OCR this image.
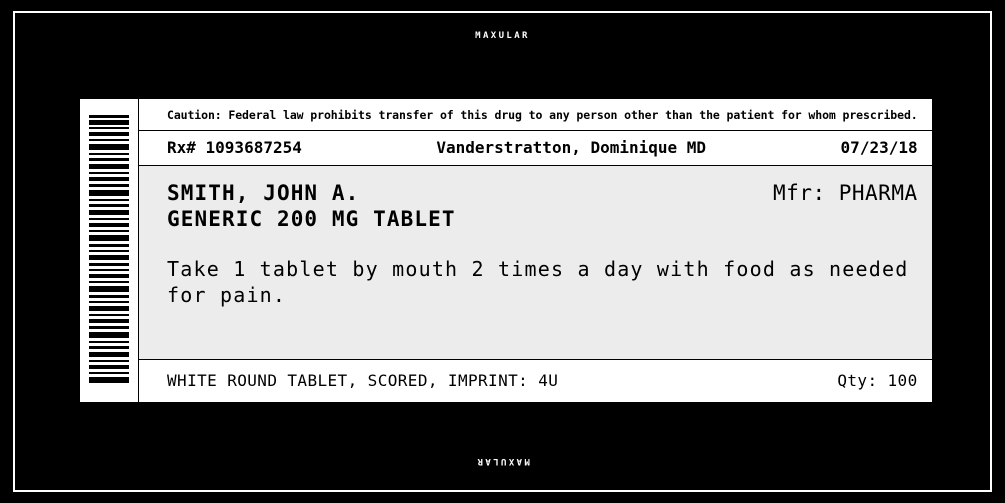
MAXULAR
Caution: Federal law prohibits transfer of this drug to any person other than the patient for whom prescribed.
Rx# 1093687254	Vanderstratton, Dominique MD	07/23/18
SMITH, JOHN A.
GENERIC 200 MG TABLET
Mfr: PHARMA
Take 1 tablet by mouth 2 times a day with food as needed for pain.
WHITE ROUND TABLET, SCORED, IMPRINT: 4U	Qty: 100
MAXULAR
